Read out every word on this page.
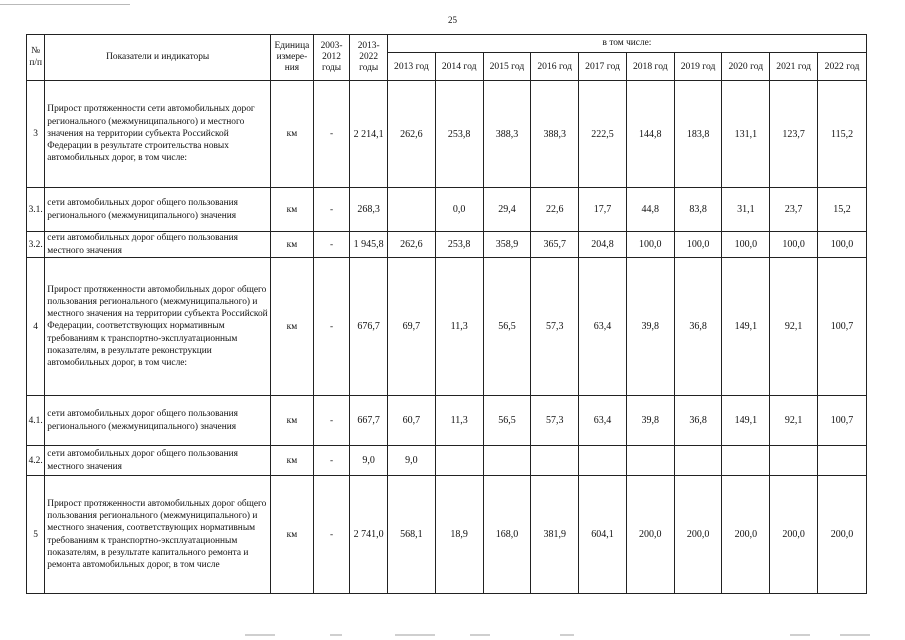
25
№ п/п	Показатели и индикаторы	Единица измере-ния	2003-2012 годы	2013-2022 годы	в том числе:									
					2013 год	2014 год	2015 год	2016 год	2017 год	2018 год	2019 год	2020 год	2021 год	2022 год
3	Прирост протяженности сети автомобильных дорог регионального (межмуниципального) и местного значения на территории субъекта Российской Федерации в результате строительства новых автомобильных дорог, в том числе:	км	-	2 214,1	262,6	253,8	388,3	388,3	222,5	144,8	183,8	131,1	123,7	115,2
3.1.	сети автомобильных дорог общего пользования регионального (межмуниципального) значения	км	-	268,3		0,0	29,4	22,6	17,7	44,8	83,8	31,1	23,7	15,2
3.2.	сети автомобильных дорог общего пользования местного значения	км	-	1 945,8	262,6	253,8	358,9	365,7	204,8	100,0	100,0	100,0	100,0	100,0
4	Прирост протяженности автомобильных дорог общего пользования регионального (межмуниципального) и местного значения на территории субъекта Российской Федерации, соответствующих нормативным требованиям к транспортно-эксплуатационным показателям, в результате реконструкции автомобильных дорог, в том числе:	км	-	676,7	69,7	11,3	56,5	57,3	63,4	39,8	36,8	149,1	92,1	100,7
4.1.	сети автомобильных дорог общего пользования регионального (межмуниципального) значения	км	-	667,7	60,7	11,3	56,5	57,3	63,4	39,8	36,8	149,1	92,1	100,7
4.2.	сети автомобильных дорог общего пользования местного значения	км	-	9,0	9,0									
5	Прирост протяженности автомобильных дорог общего пользования регионального (межмуниципального) и местного значения, соответствующих нормативным требованиям к транспортно-эксплуатационным показателям, в результате капитального ремонта и ремонта автомобильных дорог, в том числе	км	-	2 741,0	568,1	18,9	168,0	381,9	604,1	200,0	200,0	200,0	200,0	200,0
